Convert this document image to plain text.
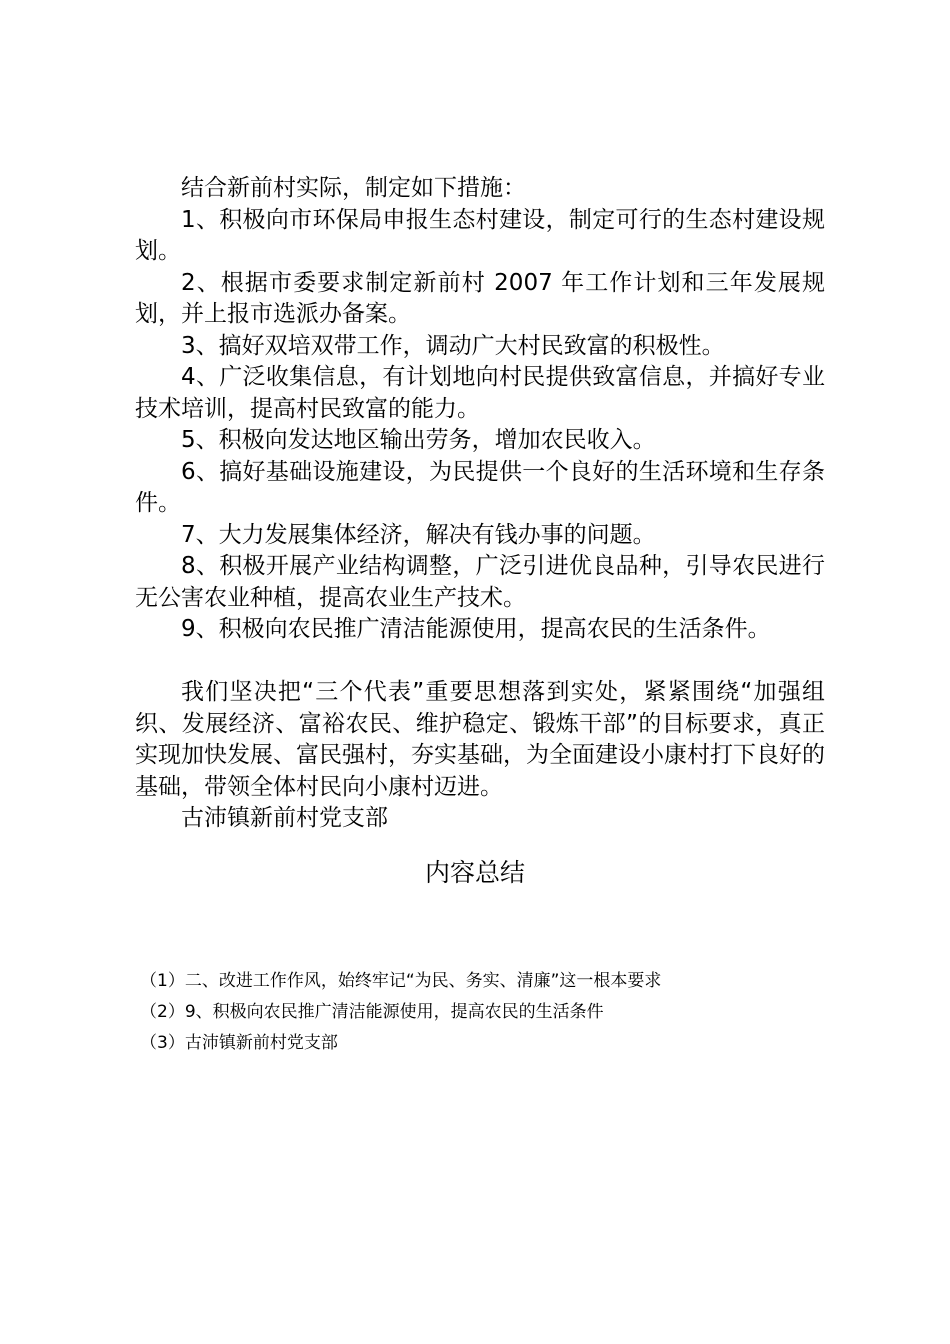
结合新前村实际，制定如下措施：

1、积极向市环保局申报生态村建设，制定可行的生态村建设规划。

2、根据市委要求制定新前村 2007 年工作计划和三年发展规划，并上报市选派办备案。

3、搞好双培双带工作，调动广大村民致富的积极性。

4、广泛收集信息，有计划地向村民提供致富信息，并搞好专业技术培训，提高村民致富的能力。

5、积极向发达地区输出劳务，增加农民收入。

6、搞好基础设施建设，为民提供一个良好的生活环境和生存条件。

7、大力发展集体经济，解决有钱办事的问题。

8、积极开展产业结构调整，广泛引进优良品种，引导农民进行无公害农业种植，提高农业生产技术。

9、积极向农民推广清洁能源使用，提高农民的生活条件。

我们坚决把“三个代表”重要思想落到实处，紧紧围绕“加强组织、发展经济、富裕农民、维护稳定、锻炼干部”的目标要求，真正实现加快发展、富民强村，夯实基础，为全面建设小康村打下良好的基础，带领全体村民向小康村迈进。

古沛镇新前村党支部

内容总结
（1）二、改进工作作风，始终牢记“为民、务实、清廉”这一根本要求
（2）9、积极向农民推广清洁能源使用，提高农民的生活条件
（3）古沛镇新前村党支部
